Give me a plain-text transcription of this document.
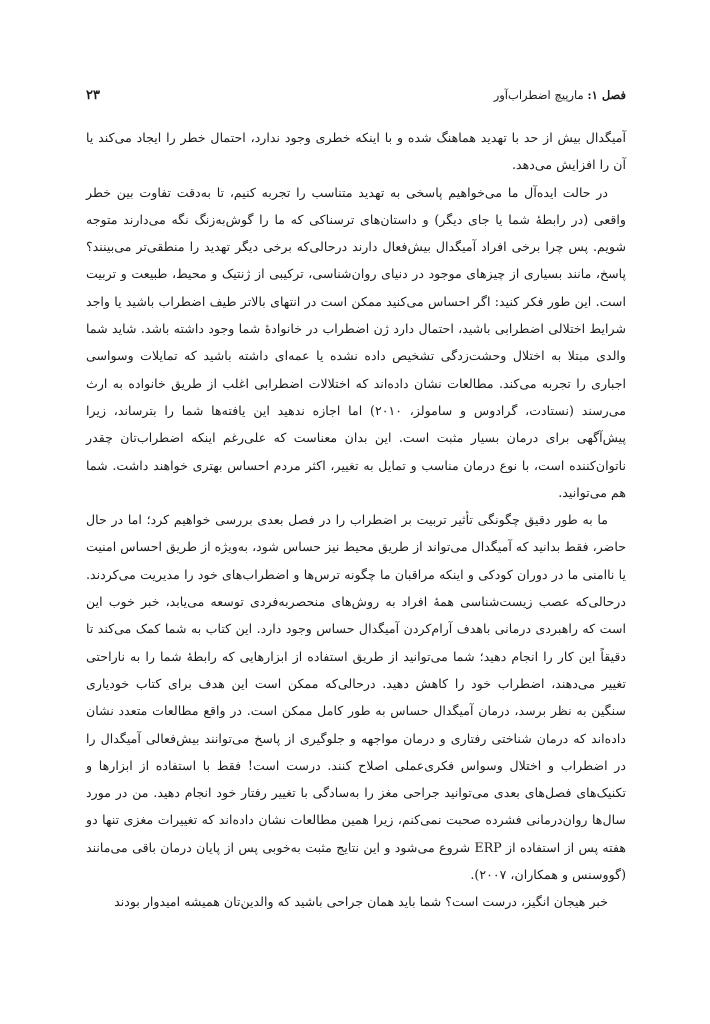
فصل ۱: مارپیچ اضطراب‌آور
۲۳

آمیگدال بیش از حد با تهدید هماهنگ شده و با اینکه خطری وجود ندارد، احتمال خطر را ایجاد می‌کند یا آن را افزایش می‌دهد.

در حالت ایده‌آل ما می‌خواهیم پاسخی به تهدید متناسب را تجربه کنیم، تا به‌دقت تفاوت بین خطر واقعی (در رابطهٔ شما یا جای دیگر) و داستان‌های ترسناکی که ما را گوش‌به‌زنگ نگه می‌دارند متوجه شویم. پس چرا برخی افراد آمیگدال بیش‌فعال دارند درحالی‌که برخی دیگر تهدید را منطقی‌تر می‌بینند؟ پاسخ، مانند بسیاری از چیزهای موجود در دنیای روان‌شناسی، ترکیبی از ژنتیک و محیط، طبیعت و تربیت است. این طور فکر کنید: اگر احساس می‌کنید ممکن است در انتهای بالاتر طیف اضطراب باشید یا واجد شرایط اختلالی اضطرابی باشید، احتمال دارد ژن اضطراب در خانوادهٔ شما وجود داشته باشد. شاید شما والدی مبتلا به اختلال وحشت‌زدگی تشخیص داده نشده یا عمه‌ای داشته باشید که تمایلات وسواسی اجباری را تجربه می‌کند. مطالعات نشان داده‌اند که اختلالات اضطرابی اغلب از طریق خانواده به ارث می‌رسند (نستادت، گرادوس و سامولز، ۲۰۱۰) اما اجازه ندهید این یافته‌ها شما را بترساند، زیرا پیش‌آگهی برای درمان بسیار مثبت است. این بدان معناست که علی‌رغم اینکه اضطراب‌تان چقدر ناتوان‌کننده است، با نوع درمان مناسب و تمایل به تغییر، اکثر مردم احساس بهتری خواهند داشت. شما هم می‌توانید.

ما به طور دقیق چگونگی تأثیر تربیت بر اضطراب را در فصل بعدی بررسی خواهیم کرد؛ اما در حال حاضر، فقط بدانید که آمیگدال می‌تواند از طریق محیط نیز حساس شود، به‌ویژه از طریق احساس امنیت یا ناامنی ما در دوران کودکی و اینکه مراقبان ما چگونه ترس‌ها و اضطراب‌های خود را مدیریت می‌کردند. درحالی‌که عصب زیست‌شناسی همهٔ افراد به روش‌های منحصربه‌فردی توسعه می‌یابد، خبر خوب این است که راهبردی درمانی باهدف آرام‌کردن آمیگدال حساس وجود دارد. این کتاب به شما کمک می‌کند تا دقیقاً این کار را انجام دهید؛ شما می‌توانید از طریق استفاده از ابزارهایی که رابطهٔ شما را به ناراحتی تغییر می‌دهند، اضطراب خود را کاهش دهید. درحالی‌که ممکن است این هدف برای کتاب خودیاری سنگین به نظر برسد، درمان آمیگدال حساس به طور کامل ممکن است. در واقع مطالعات متعدد نشان داده‌اند که درمان شناختی رفتاری و درمان مواجهه و جلوگیری از پاسخ می‌توانند بیش‌فعالی آمیگدال را در اضطراب و اختلال وسواس فکری‌عملی اصلاح کنند. درست است! فقط با استفاده از ابزارها و تکنیک‌های فصل‌های بعدی می‌توانید جراحی مغز را به‌سادگی با تغییر رفتار خود انجام دهید. من در مورد سال‌ها روان‌درمانی فشرده صحبت نمی‌کنم، زیرا همین مطالعات نشان داده‌اند که تغییرات مغزی تنها دو هفته پس از استفاده از ERP شروع می‌شود و این نتایج مثبت به‌خوبی پس از پایان درمان باقی می‌مانند (گووسنس و همکاران، ۲۰۰۷).

خبر هیجان انگیز، درست است؟ شما باید همان جراحی باشید که والدین‌تان همیشه امیدوار بودند
